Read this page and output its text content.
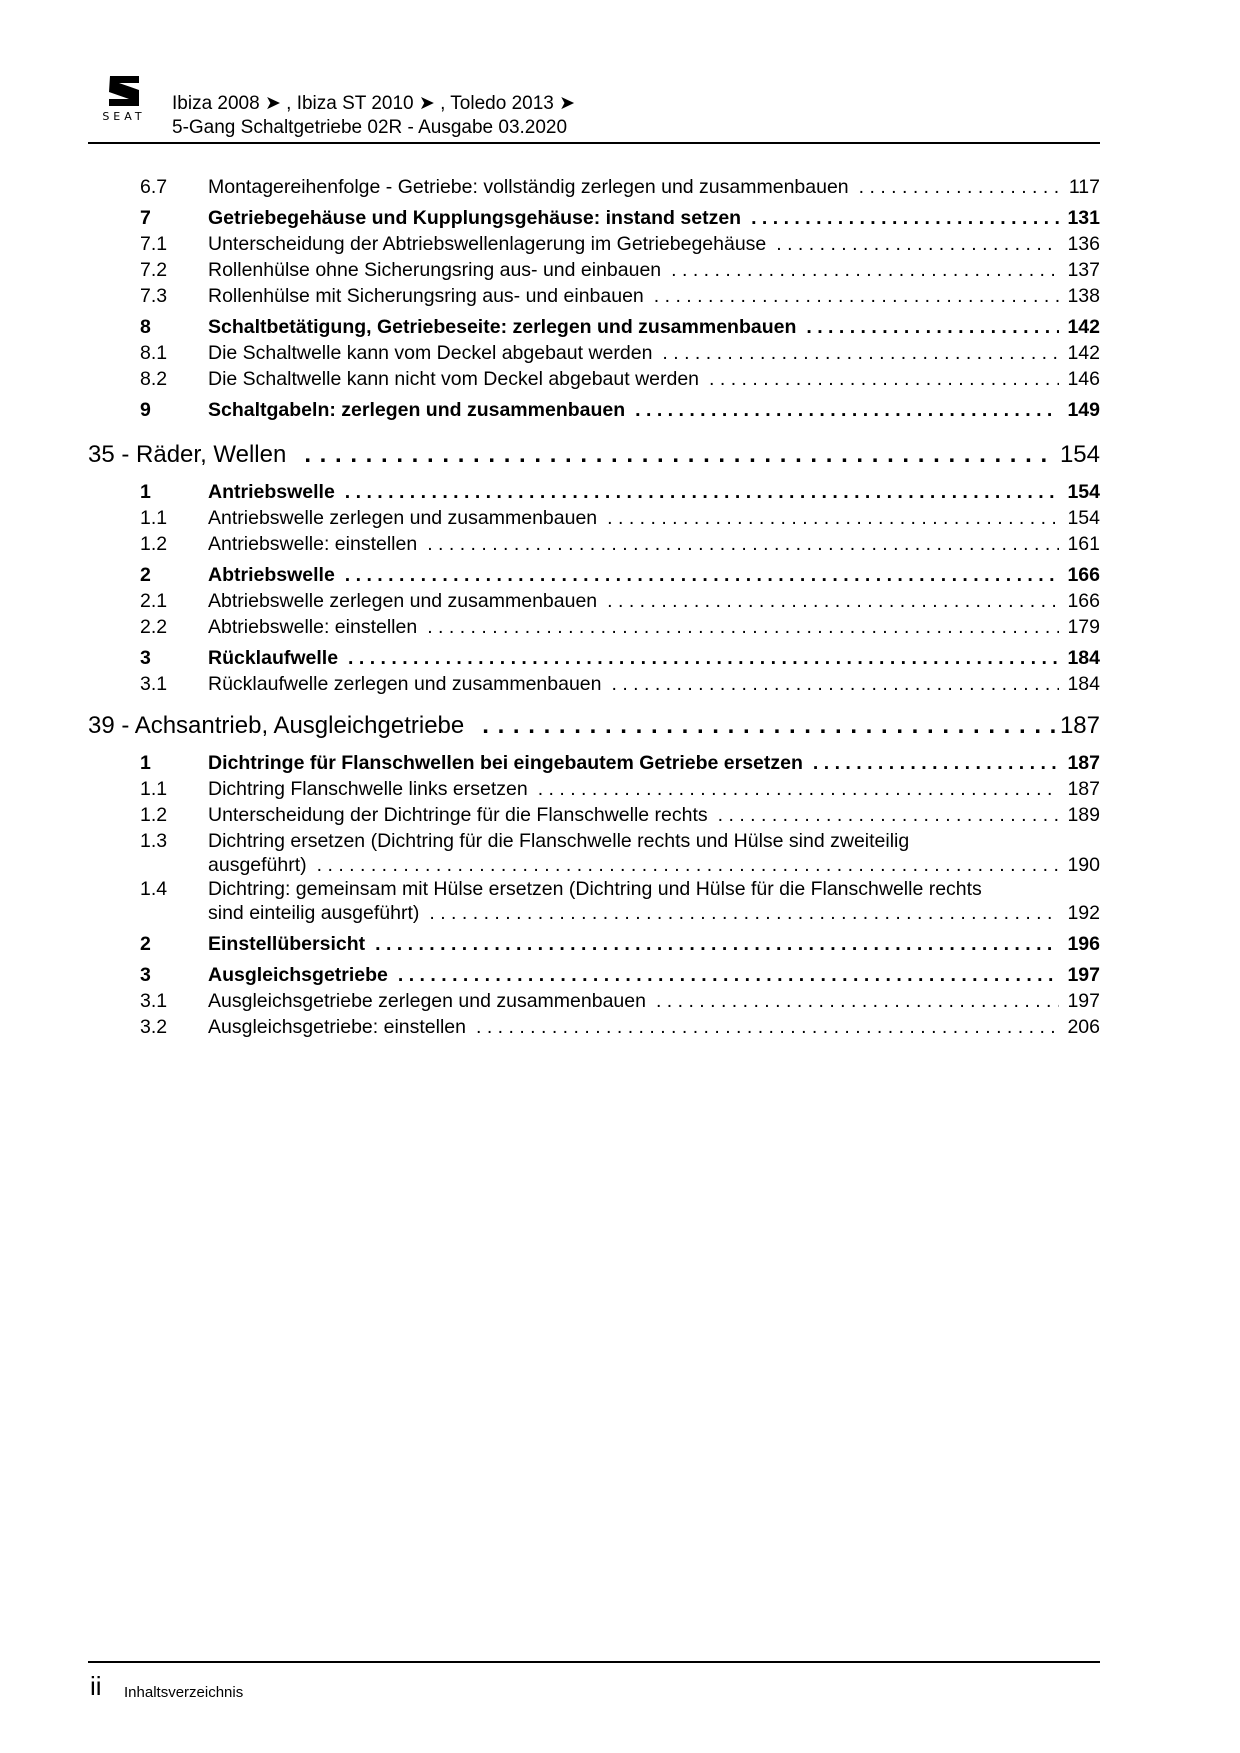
SEAT
Ibiza 2008 ➤ , Ibiza ST 2010 ➤ , Toledo 2013 ➤
5-Gang Schaltgetriebe 02R - Ausgabe 03.2020
6.7 Montagereihenfolge - Getriebe: vollständig zerlegen und zusammenbauen . . .	117
7	Getriebegehäuse und Kupplungsgehäuse: instand setzen . . .	131
7.1 Unterscheidung der Abtriebswellenlagerung im Getriebegehäuse . . .	136
7.2 Rollenhülse ohne Sicherungsring aus- und einbauen . . .	137
7.3 Rollenhülse mit Sicherungsring aus- und einbauen . . .	138
8	Schaltbetätigung, Getriebeseite: zerlegen und zusammenbauen . . .	142
8.1 Die Schaltwelle kann vom Deckel abgebaut werden . . .	142
8.2 Die Schaltwelle kann nicht vom Deckel abgebaut werden . . .	146
9	Schaltgabeln: zerlegen und zusammenbauen . . .	149
35 - Räder, Wellen . . .	154
1	Antriebswelle . . .	154
1.1 Antriebswelle zerlegen und zusammenbauen . . .	154
1.2 Antriebswelle: einstellen . . .	161
2	Abtriebswelle . . .	166
2.1 Abtriebswelle zerlegen und zusammenbauen . . .	166
2.2 Abtriebswelle: einstellen . . .	179
3	Rücklaufwelle . . .	184
3.1 Rücklaufwelle zerlegen und zusammenbauen . . .	184
39 - Achsantrieb, Ausgleichgetriebe . . .	187
1	Dichtringe für Flanschwellen bei eingebautem Getriebe ersetzen . . .	187
1.1 Dichtring Flanschwelle links ersetzen . . .	187
1.2 Unterscheidung der Dichtringe für die Flanschwelle rechts . . .	189
1.3 Dichtring ersetzen (Dichtring für die Flanschwelle rechts und Hülse sind zweiteilig
ausgeführt) . . .	190
1.4 Dichtring: gemeinsam mit Hülse ersetzen (Dichtring und Hülse für die Flanschwelle rechts
sind einteilig ausgeführt) . . .	192
2	Einstellübersicht . . .	196
3	Ausgleichsgetriebe . . .	197
3.1 Ausgleichsgetriebe zerlegen und zusammenbauen . . .	197
3.2 Ausgleichsgetriebe: einstellen . . .	206
ii Inhaltsverzeichnis
